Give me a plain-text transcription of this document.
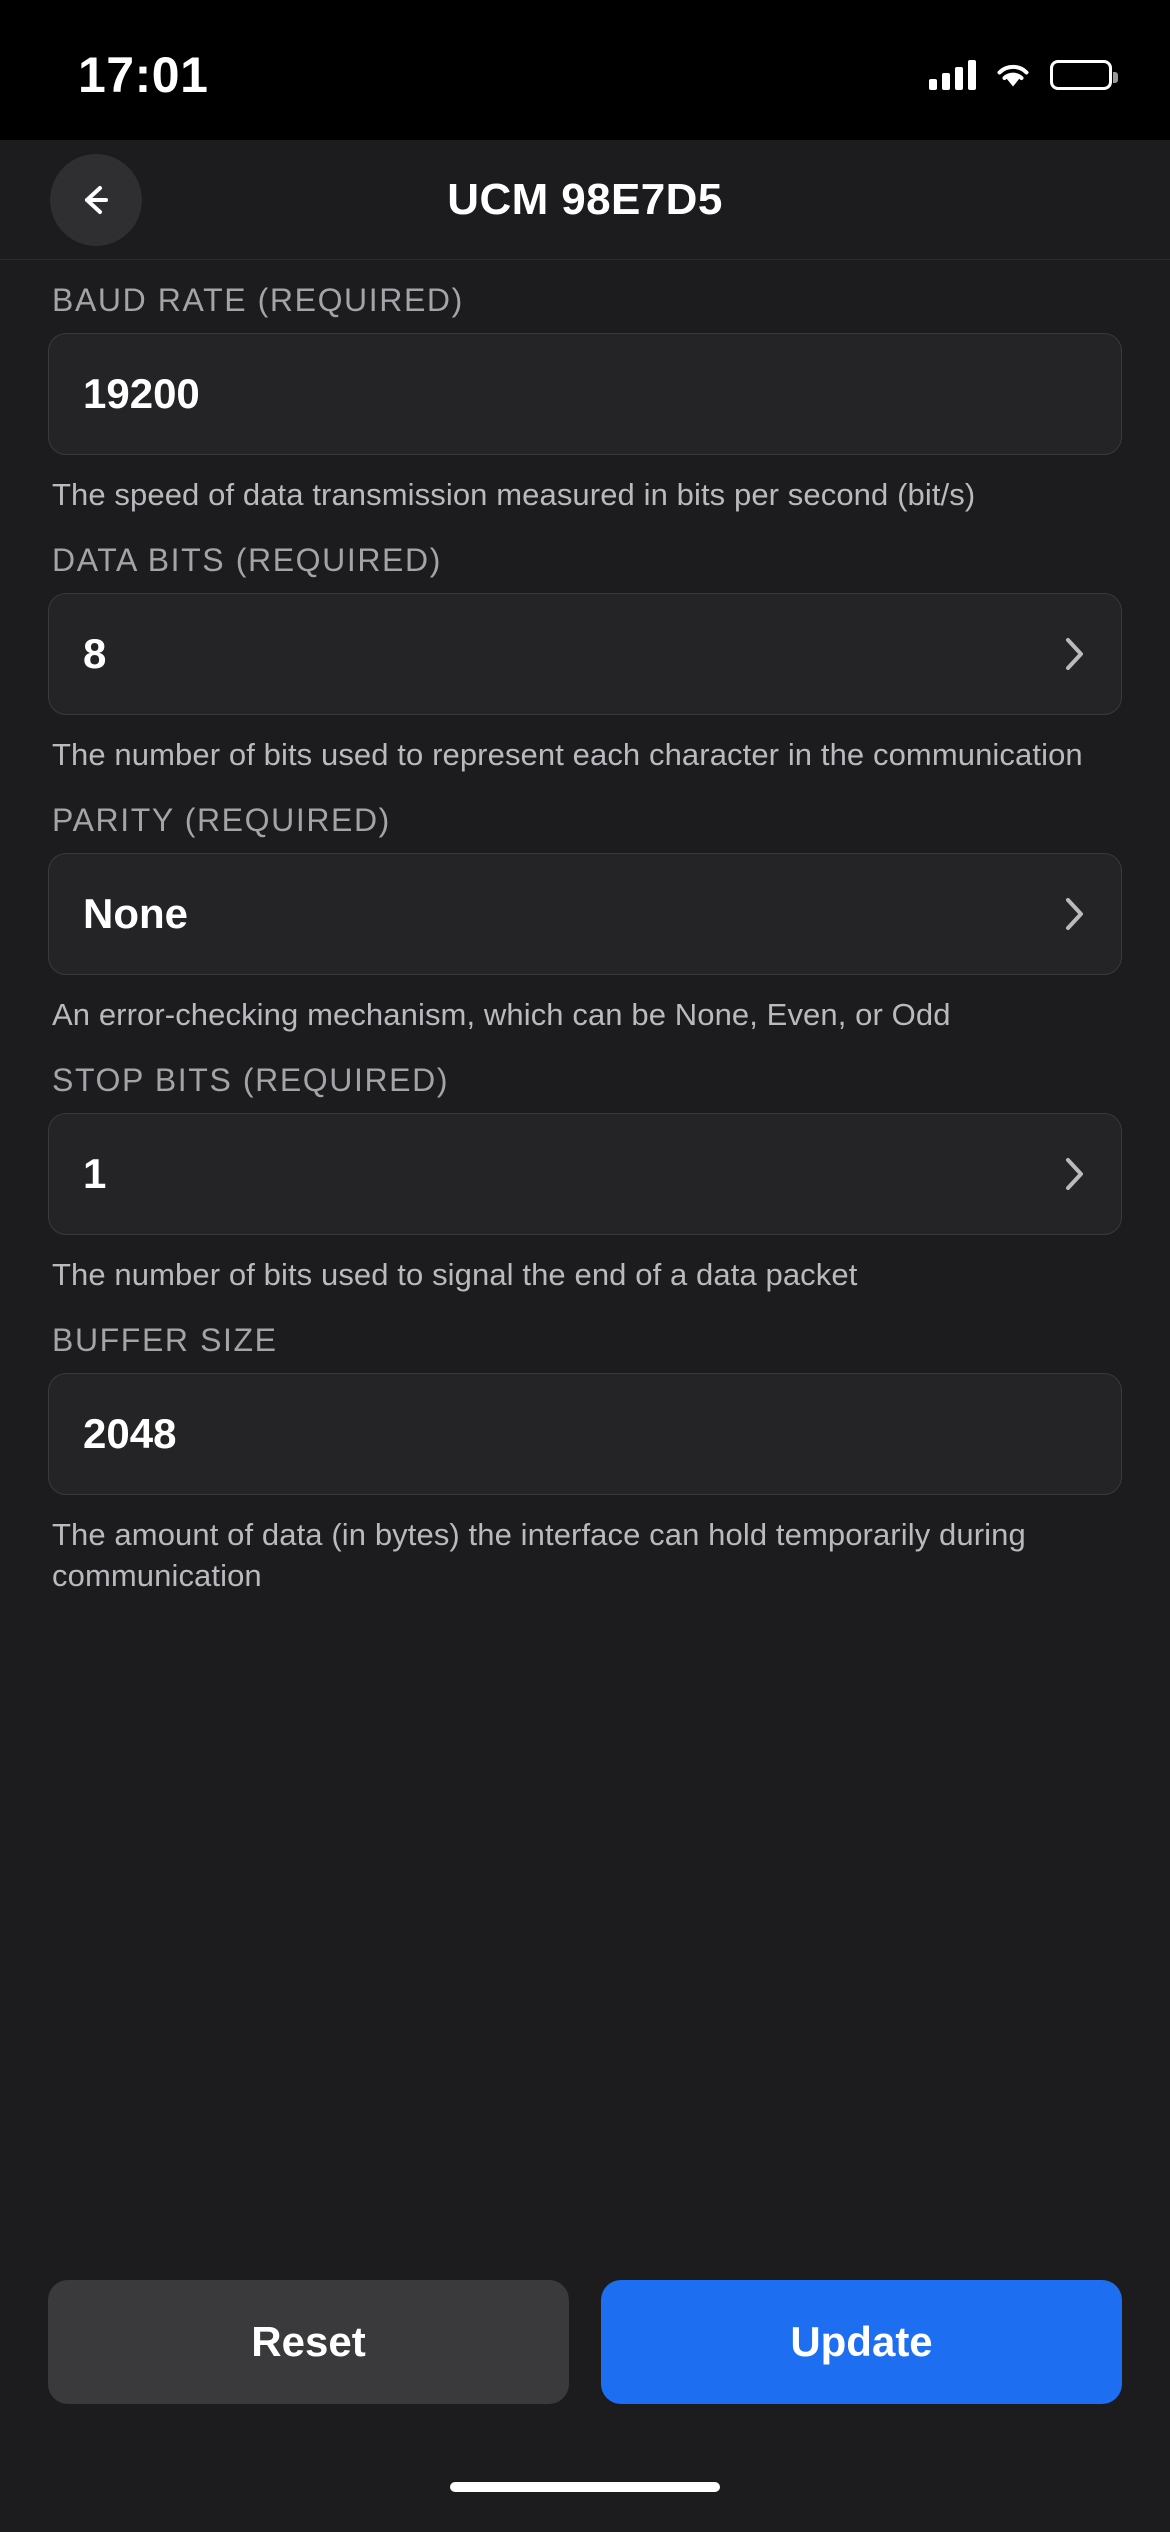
17:01
UCM 98E7D5
BAUD RATE (REQUIRED)
19200
The speed of data transmission measured in bits per second (bit/s)
DATA BITS (REQUIRED)
8
The number of bits used to represent each character in the communication
PARITY (REQUIRED)
None
An error-checking mechanism, which can be None, Even, or Odd
STOP BITS (REQUIRED)
1
The number of bits used to signal the end of a data packet
BUFFER SIZE
2048
The amount of data (in bytes) the interface can hold temporarily during communication
Reset	Update
